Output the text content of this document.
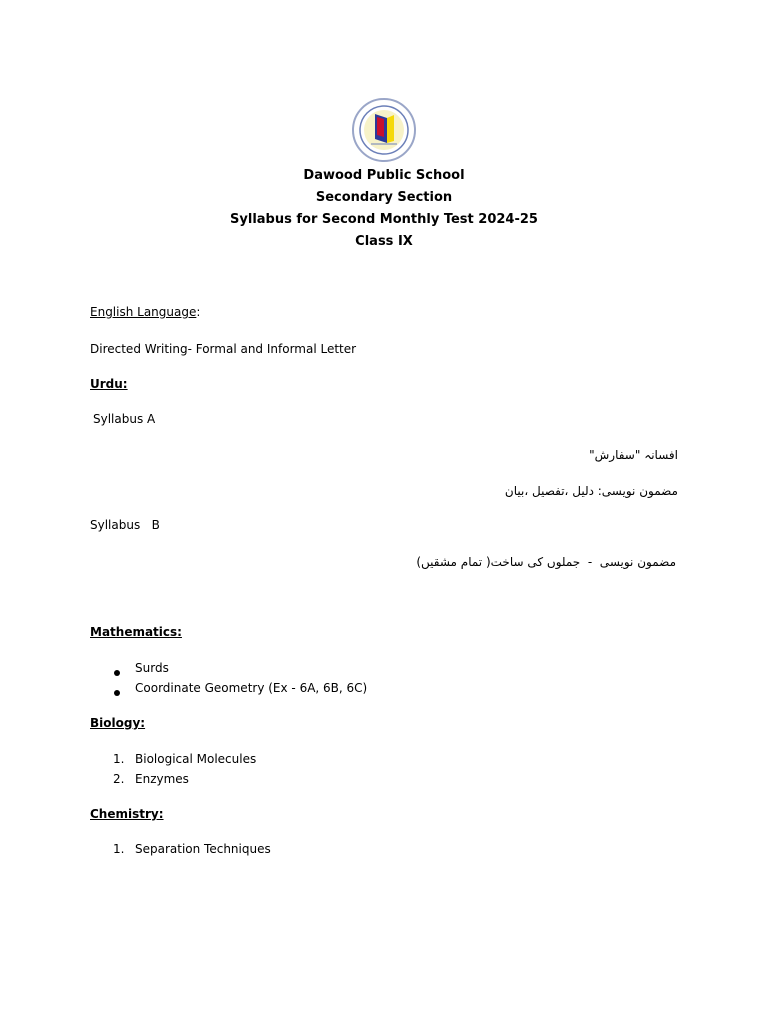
Dawood Public School
Secondary Section
Syllabus for Second Monthly Test 2024-25
Class IX
English Language:
Directed Writing- Formal and Informal Letter
Urdu:
Syllabus A
افسانہ "سفارش"
مضمون نویسی: دلیل ،تفصیل ،بیان
Syllabus   B
مضمون نویسی  -  جملوں کی ساخت( تمام مشقیں)
Mathematics:
Surds
Coordinate Geometry (Ex - 6A, 6B, 6C)
Biology:
1. Biological Molecules
2. Enzymes
Chemistry:
1. Separation Techniques
